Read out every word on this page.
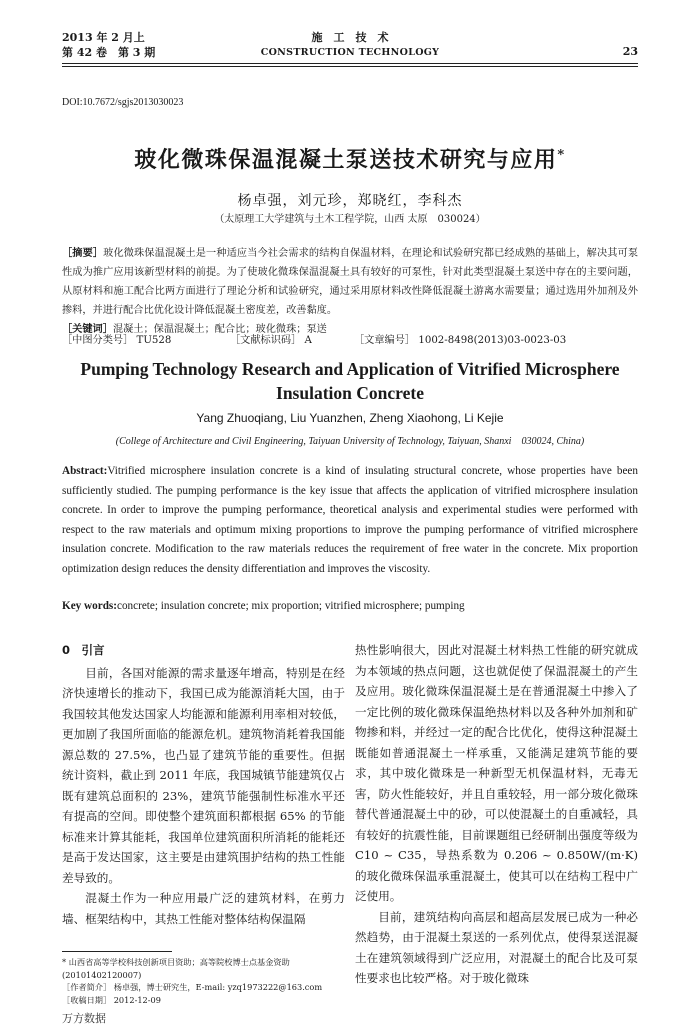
2013 年 2 月上
第 42 卷　第 3 期
施　工　技　术
CONSTRUCTION TECHNOLOGY	23
DOI:10.7672/sgjs2013030023
玻化微珠保温混凝土泵送技术研究与应用*
杨卓强，刘元珍，郑晓红，李科杰
（太原理工大学建筑与土木工程学院，山西 太原　030024）
［摘要］玻化微珠保温混凝土是一种适应当今社会需求的结构自保温材料，在理论和试验研究都已经成熟的基础上，解决其可泵性成为推广应用该新型材料的前提。为了使玻化微珠保温混凝土具有较好的可泵性，针对此类型混凝土泵送中存在的主要问题，从原材料和施工配合比两方面进行了理论分析和试验研究，通过采用原材料改性降低混凝土游离水需要量；通过选用外加剂及外掺料，并进行配合比优化设计降低混凝土密度差，改善黏度。
［关键词］混凝土；保温混凝土；配合比；玻化微珠；泵送
［中图分类号］ TU528	［文献标识码］ A	［文章编号］ 1002-8498(2013)03-0023-03
Pumping Technology Research and Application of Vitrified Microsphere Insulation Concrete
Yang Zhuoqiang, Liu Yuanzhen, Zheng Xiaohong, Li Kejie
(College of Architecture and Civil Engineering, Taiyuan University of Technology, Taiyuan, Shanxi　030024, China)
Abstract:Vitrified microsphere insulation concrete is a kind of insulating structural concrete, whose properties have been sufficiently studied. The pumping performance is the key issue that affects the application of vitrified microsphere insulation concrete. In order to improve the pumping performance, theoretical analysis and experimental studies were performed with respect to the raw materials and optimum mixing proportions to improve the pumping performance of vitrified microsphere insulation concrete. Modification to the raw materials reduces the requirement of free water in the concrete. Mix proportion optimization design reduces the density differentiation and improves the viscosity.
Key words:concrete; insulation concrete; mix proportion; vitrified microsphere; pumping
0　引言

目前，各国对能源的需求量逐年增高，特别是在经济快速增长的推动下，我国已成为能源消耗大国，由于我国较其他发达国家人均能源和能源利用率相对较低，更加剧了我国所面临的能源危机。建筑物消耗着我国能源总数的 27.5%，也凸显了建筑节能的重要性。但据统计资料，截止到 2011 年底，我国城镇节能建筑仅占既有建筑总面积的 23%，建筑节能强制性标准水平还有提高的空间。即使整个建筑面积都根据 65% 的节能标准来计算其能耗，我国单位建筑面积所消耗的能耗还是高于发达国家，这主要是由建筑围护结构的热工性能差导致的。

混凝土作为一种应用最广泛的建筑材料，在剪力墙、框架结构中，其热工性能对整体结构保温隔

热性影响很大，因此对混凝土材料热工性能的研究就成为本领域的热点问题，这也就促使了保温混凝土的产生及应用。玻化微珠保温混凝土是在普通混凝土中掺入了一定比例的玻化微珠保温绝热材料以及各种外加剂和矿物掺和料，并经过一定的配合比优化，使得这种混凝土既能如普通混凝土一样承重，又能满足建筑节能的要求，其中玻化微珠是一种新型无机保温材料，无毒无害，防火性能较好，并且自重较轻，用一部分玻化微珠替代普通混凝土中的砂，可以使混凝土的自重减轻，具有较好的抗震性能，目前课题组已经研制出强度等级为 C10 ~ C35，导热系数为 0.206 ~ 0.850W/(m·K) 的玻化微珠保温承重混凝土，使其可以在结构工程中广泛使用。

目前，建筑结构向高层和超高层发展已成为一种必然趋势，由于混凝土泵送的一系列优点，使得泵送混凝土在建筑领域得到广泛应用，对混凝土的配合比及可泵性要求也比较严格。对于玻化微珠

* 山西省高等学校科技创新项目资助；高等院校博士点基金资助(20101402120007)
［作者简介］ 杨卓强，博士研究生，E-mail: yzq1973222@163.com
［收稿日期］ 2012-12-09
万方数据
